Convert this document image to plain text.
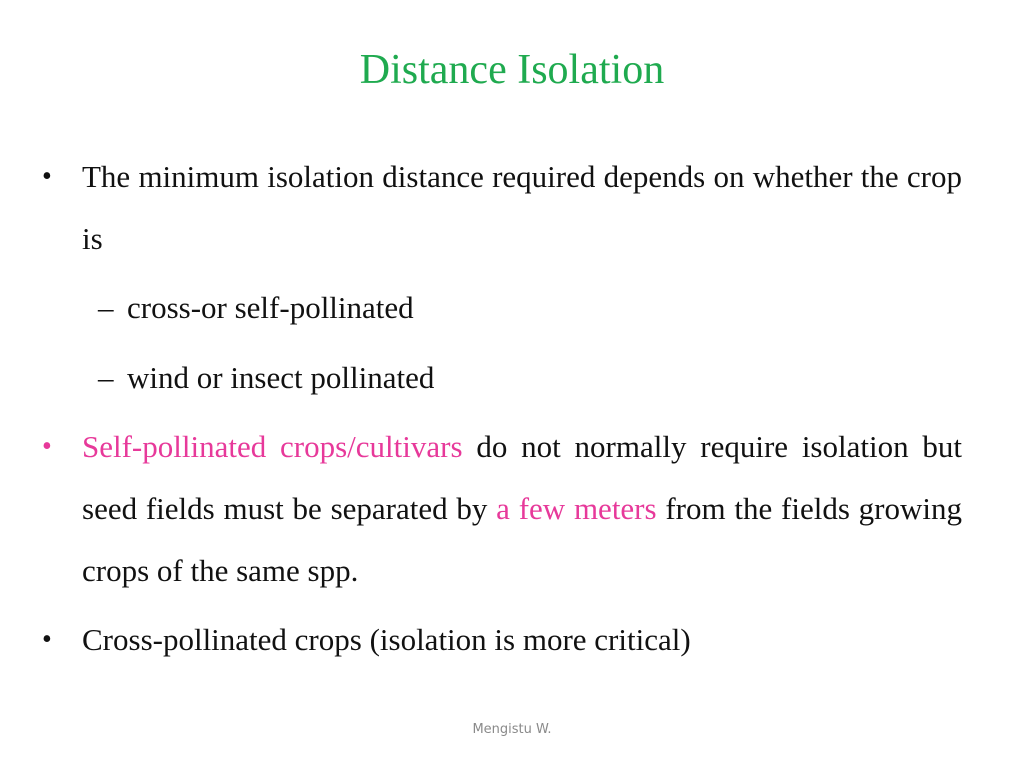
Distance Isolation
• The minimum isolation distance required depends on whether the crop is
– cross-or self-pollinated
– wind or insect pollinated
• Self-pollinated crops/cultivars do not normally require isolation but seed fields must be separated by a few meters from the fields growing crops of the same spp.
• Cross-pollinated crops (isolation is more critical)
Mengistu W.
